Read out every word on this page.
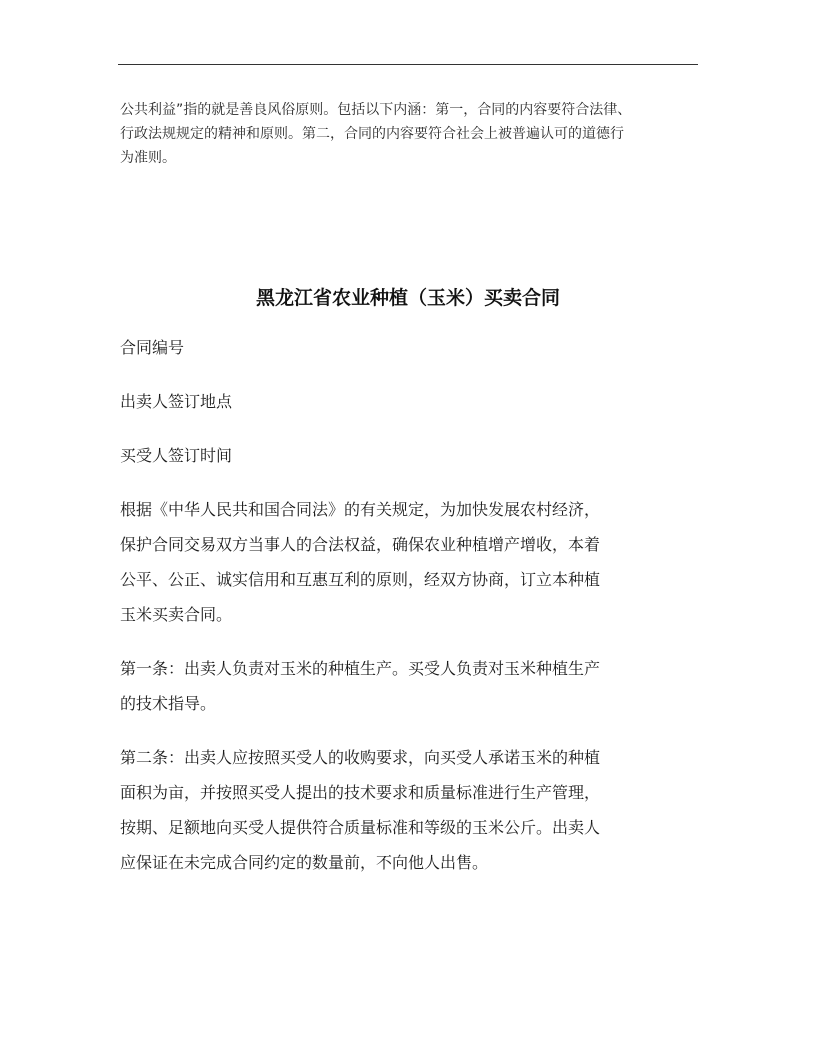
公共利益”指的就是善良风俗原则。包括以下内涵：第一，合同的内容要符合法律、
行政法规规定的精神和原则。第二，合同的内容要符合社会上被普遍认可的道德行
为准则。
黑龙江省农业种植（玉米）买卖合同

合同编号

出卖人签订地点

买受人签订时间

根据《中华人民共和国合同法》的有关规定，为加快发展农村经济，
保护合同交易双方当事人的合法权益，确保农业种植增产增收，本着
公平、公正、诚实信用和互惠互利的原则，经双方协商，订立本种植
玉米买卖合同。

第一条：出卖人负责对玉米的种植生产。买受人负责对玉米种植生产
的技术指导。

第二条：出卖人应按照买受人的收购要求，向买受人承诺玉米的种植
面积为亩，并按照买受人提出的技术要求和质量标准进行生产管理，
按期、足额地向买受人提供符合质量标准和等级的玉米公斤。出卖人
应保证在未完成合同约定的数量前，不向他人出售。
